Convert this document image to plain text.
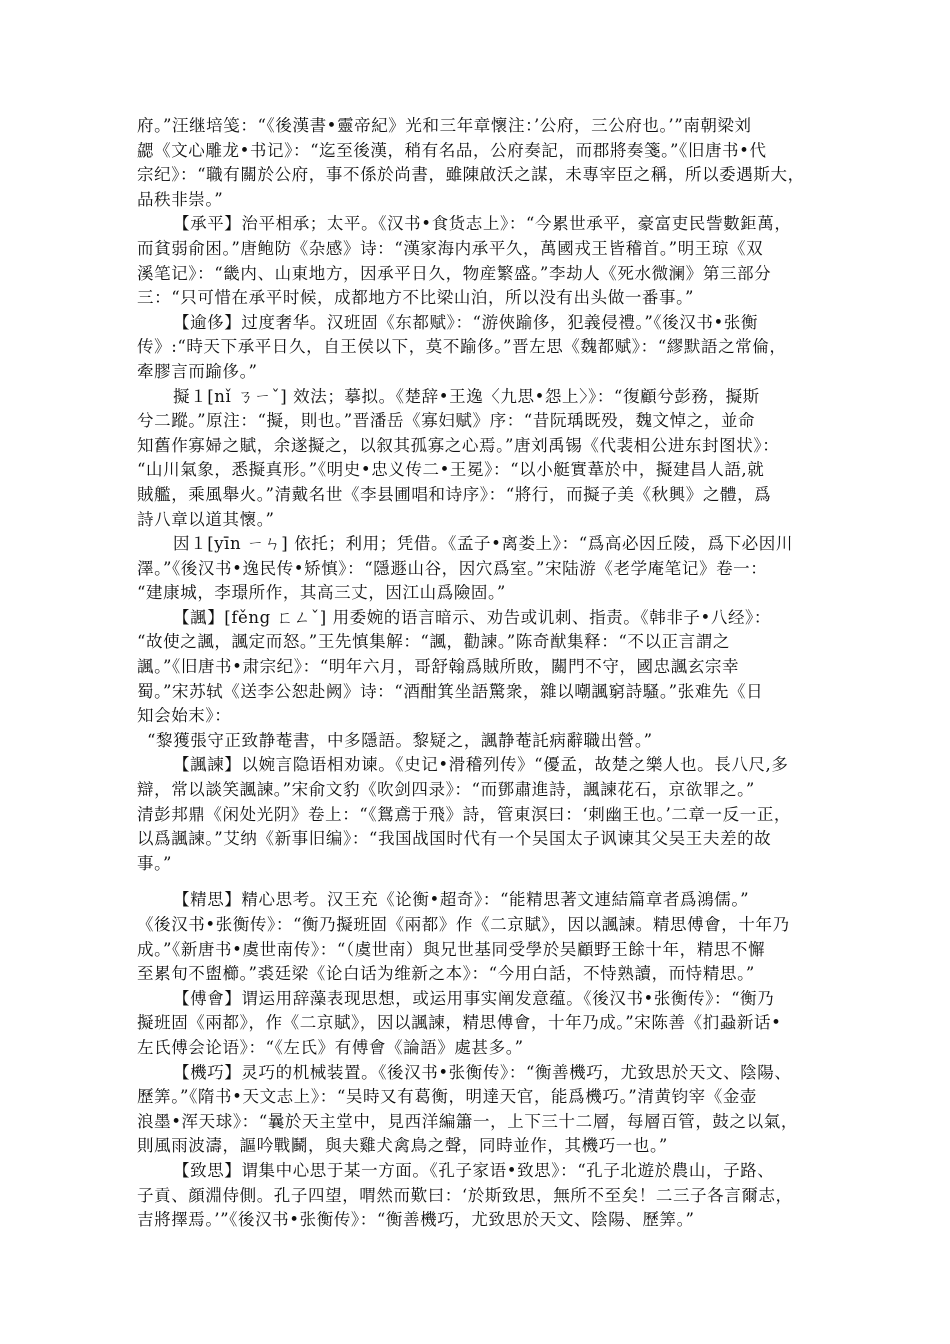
府。”汪继培笺：“《後漢書•靈帝紀》光和三年章懷注：’公府，三公府也。’”南朝梁刘
勰《文心雕龙•书记》：“迄至後漢，稍有名品，公府奏記，而郡將奏箋。”《旧唐书•代
宗纪》：“職有關於公府，事不係於尚書，雖陳啟沃之謀，未專宰臣之稱，所以委遇斯大，
品秩非崇。”
【承平】治平相承；太平。《汉书•食货志上》：“今累世承平，豪富吏民訾數鉅萬，
而貧弱俞困。”唐鲍防《杂感》诗：“漢家海内承平久，萬國戎王皆稽首。”明王琼《双
溪笔记》：“畿内、山東地方，因承平日久，物産繁盛。”李劫人《死水微澜》第三部分
三：“只可惜在承平时候，成都地方不比梁山泊，所以没有出头做一番事。”
【逾侈】过度奢华。汉班固《东都赋》：“游俠踰侈，犯義侵禮。”《後汉书•张衡
传》:“時天下承平日久，自王侯以下，莫不踰侈。”晋左思《魏都赋》：“繆默語之常倫，
牽膠言而踰侈。”
擬１[nǐ ㄋㄧˇ] 效法；摹拟。《楚辞•王逸〈九思•怨上〉》：“復顧兮彭務，擬斯
兮二蹤。”原注：“擬，則也。”晋潘岳《寡妇赋》序：“昔阮瑀既殁，魏文悼之，並命
知舊作寡婦之賦，余遂擬之，以叙其孤寡之心焉。”唐刘禹锡《代裴相公进东封图状》：
“山川氣象，悉擬真形。”《明史•忠义传二•王冕》：“以小艇實葦於中，擬建昌人語,就
賊艦，乘風舉火。”清戴名世《李县圃唱和诗序》：“將行，而擬子美《秋興》之體，爲
詩八章以道其懷。”
因１[yīn ㄧㄣ] 依托；利用；凭借。《孟子•离娄上》：“爲高必因丘陵，爲下必因川
澤。”《後汉书•逸民传•矫慎》：“隱遯山谷，因穴爲室。”宋陆游《老学庵笔记》卷一：
“建康城，李璟所作，其高三丈，因江山爲險固。”
【諷】[fěng ㄈㄥˇ] 用委婉的语言暗示、劝告或讥刺、指责。《韩非子•八经》：
“故使之諷，諷定而怒。”王先慎集解：“諷，勸諫。”陈奇猷集释：“不以正言謂之
諷。”《旧唐书•肃宗纪》：“明年六月，哥舒翰爲賊所敗，關門不守，國忠諷玄宗幸
蜀。”宋苏轼《送李公恕赴阙》诗：“酒酣箕坐語驚衆，雜以嘲諷窮詩騷。”张难先《日
知会始末》：
“黎獲張守正致静菴書，中多隱語。黎疑之，諷静菴託病辭職出營。”
【諷諫】以婉言隐语相劝谏。《史记•滑稽列传》“優孟，故楚之樂人也。長八尺,多
辯，常以談笑諷諫。”宋俞文豹《吹剑四录》：“而鄧肅進詩，諷諫花石，京欲罪之。”
清彭邦鼎《闲处光阴》卷上：“《鴛鳶于飛》詩，管東溟曰：‘刺幽王也。’二章一反一正，
以爲諷諫。”艾纳《新事旧编》：“我国战国时代有一个吴国太子讽谏其父吴王夫差的故
事。”
【精思】精心思考。汉王充《论衡•超奇》：“能精思著文連結篇章者爲鴻儒。”
《後汉书•张衡传》：“衡乃擬班固《兩都》作《二京賦》，因以諷諫。精思傅會，十年乃
成。”《新唐书•虞世南传》：“（虞世南）與兄世基同受學於吴顧野王餘十年，精思不懈
至累旬不盥櫛。”裘廷梁《论白话为维新之本》：“今用白話，不恃熟讀，而恃精思。”
【傅會】谓运用辞藻表现思想，或运用事实阐发意蕴。《後汉书•张衡传》：“衡乃
擬班固《兩都》，作《二京賦》，因以諷諫，精思傅會，十年乃成。”宋陈善《扪蝨新话•
左氏傅会论语》：“《左氏》有傅會《論語》處甚多。”
【機巧】灵巧的机械装置。《後汉书•张衡传》：“衡善機巧，尤致思於天文、陰陽、
歷筭。”《隋书•天文志上》：“吴時又有葛衡，明達天官，能爲機巧。”清黄钧宰《金壶
浪墨•浑天球》：“曩於天主堂中，見西洋編簫一，上下三十二層，每層百管，鼓之以氣，
則風雨波濤，謳吟戰鬭，與夫雞犬禽鳥之聲，同時並作，其機巧一也。”
【致思】谓集中心思于某一方面。《孔子家语•致思》：“孔子北遊於農山，子路、
子貢、顔淵侍側。孔子四望，喟然而歎曰：‘於斯致思，無所不至矣！二三子各言爾志，
吉將擇焉。’”《後汉书•张衡传》：“衡善機巧，尤致思於天文、陰陽、歷筭。”
